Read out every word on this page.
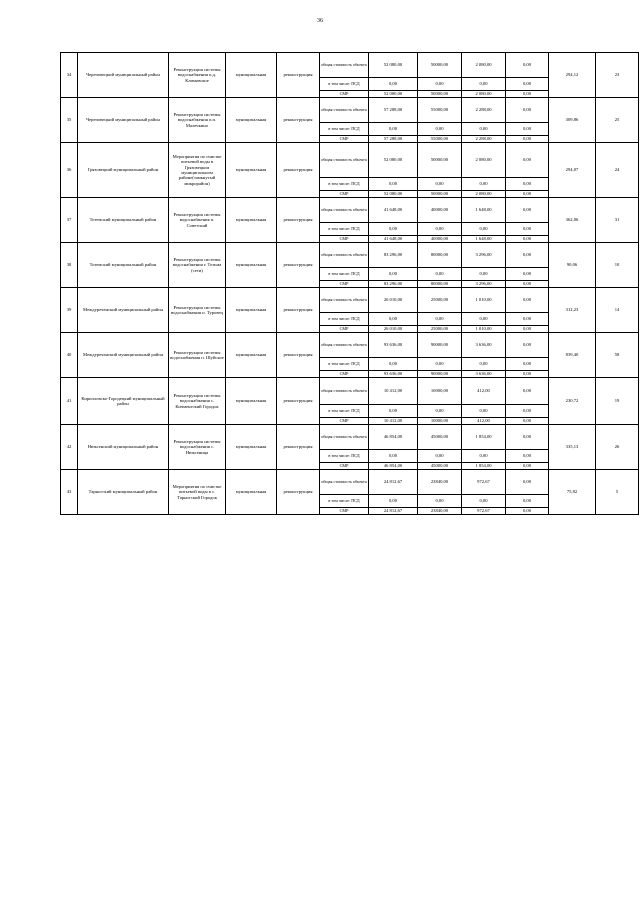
36
34	Череповецкий муниципальный район	Реконструкция системы водоснабжения п.д. Климовское	муниципальная	реконструкция	общая стоимость объекта	52 080,00	50000,00	2 080,00	0,00	294,12	23
					в том числе: ПСД	0,00	0,00	0,00	0,00		
					СМР	52 080,00	50000,00	2 080,00	0,00		
35	Череповецкий муниципальный район	Реконструкция системы водоснабжения п.п. Малечкино	муниципальная	реконструкция	общая стоимость объекта	57 288,00	55000,00	2 288,00	0,00	309,86	25
					в том числе: ПСД	0,00	0,00	0,00	0,00		
					СМР	57 288,00	55000,00	2 288,00	0,00		
36	Грязовецкий муниципальный район	Мероприятия по очистке питьевой воды в Грязовецком муниципальном районе(замкнутый микрорайон)	муниципальная	реконструкция	общая стоимость объекта	52 080,00	50000,00	2 080,00	0,00	294,07	24
					в том числе: ПСД	0,00	0,00	0,00	0,00		
					СМР	52 080,00	50000,00	2 080,00	0,00		
37	Тотемский муниципальный район	Реконструкция системы водоснабжения п. Советский	муниципальная	реконструкция	общая стоимость объекта	41 648,00	40000,00	1 648,00	0,00	362,06	31
					в том числе: ПСД	0,00	0,00	0,00	0,00		
					СМР	41 648,00	40000,00	1 648,00	0,00		
38	Тотемский муниципальный район	Реконструкция системы водоснабжения г. Тотьма (сети)	муниципальная	реконструкция	общая стоимость объекта	83 296,00	80000,00	3 296,00	0,00	90,06	10
					в том числе: ПСД	0,00	0,00	0,00	0,00		
					СМР	83 296,00	80000,00	3 296,00	0,00		
39	Междуреченский муниципальный район	Реконструкция системы водоснабжения п. Туровец	муниципальная	реконструкция	общая стоимость объекта	26 010,00	25000,00	1 010,00	0,00	312,23	14
					в том числе: ПСД	0,00	0,00	0,00	0,00		
					СМР	26 010,00	25000,00	1 010,00	0,00		
40	Междуреченский муниципальный район	Реконструкция системы водоснабжения п. Шуйское	муниципальная	реконструкция	общая стоимость объекта	93 636,00	90000,00	3 636,00	0,00	839,40	58
					в том числе: ПСД	0,00	0,00	0,00	0,00		
					СМР	93 636,00	90000,00	3 636,00	0,00		
41	Кирилловско-Городецкий муниципальный район	Реконструкция системы водоснабжения с. Кичменгский Городок	муниципальная	реконструкция	общая стоимость объекта	10 412,00	10000,00	412,00	0,00	230,72	19
					в том числе: ПСД	0,00	0,00	0,00	0,00		
					СМР	10 412,00	10000,00	412,00	0,00		
42	Нюксенский муниципальный район	Реконструкция системы водоснабжения с. Нюксеница	муниципальная	реконструкция	общая стоимость объекта	46 854,00	45000,00	1 854,00	0,00	335,13	26
					в том числе: ПСД	0,00	0,00	0,00	0,00		
					СМР	46 854,00	45000,00	1 854,00	0,00		
43	Тарногский муниципальный район	Мероприятия по очистке питьевой воды в с. Тарногский Городок	муниципальная	реконструкция	общая стоимость объекта	24 812,67	23840,00	972,67	0,00	75,82	5
					в том числе: ПСД	0,00	0,00	0,00	0,00		
					СМР	24 812,67	23840,00	972,67	0,00		
